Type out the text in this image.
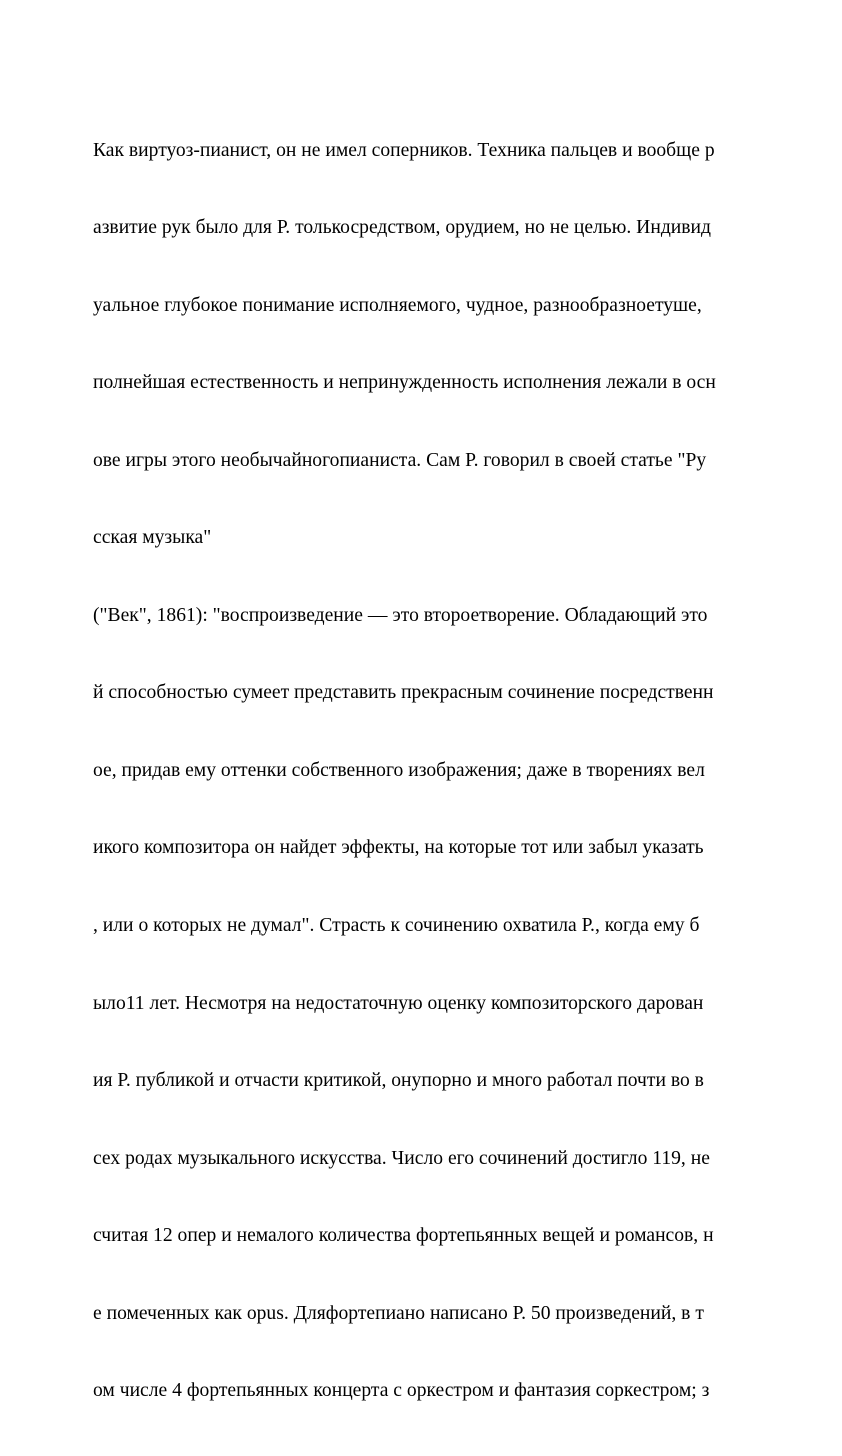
Как виртуоз-пианист, он не имел соперников. Техника пальцев и вообще р

азвитие рук было для Р. толькосредством, орудием, но не целью. Индивид

уальное глубокое понимание исполняемого, чудное, разнообразноетуше,

полнейшая естественность и непринужденность исполнения лежали в осн

ове игры этого необычайногопианиста. Сам Р. говорил в своей статье "Ру

сская музыка"

("Век", 1861): "воспроизведение — это второетворение. Обладающий это

й способностью сумеет представить прекрасным сочинение посредственн

ое, придав ему оттенки собственного изображения; даже в творениях вел

икого композитора он найдет эффекты, на которые тот или забыл указать

, или о которых не думал". Страсть к сочинению охватила Р., когда ему б

ыло11 лет. Несмотря на недостаточную оценку композиторского дарован

ия Р. публикой и отчасти критикой, онупорно и много работал почти во в

сех родах музыкального искусства. Число его сочинений достигло 119, не

считая 12 опер и немалого количества фортепьянных вещей и романсов, н

е помеченных как opus. Дляфортепиано написано Р. 50 произведений, в т

ом числе 4 фортепьянных концерта с оркестром и фантазия соркестром; з
